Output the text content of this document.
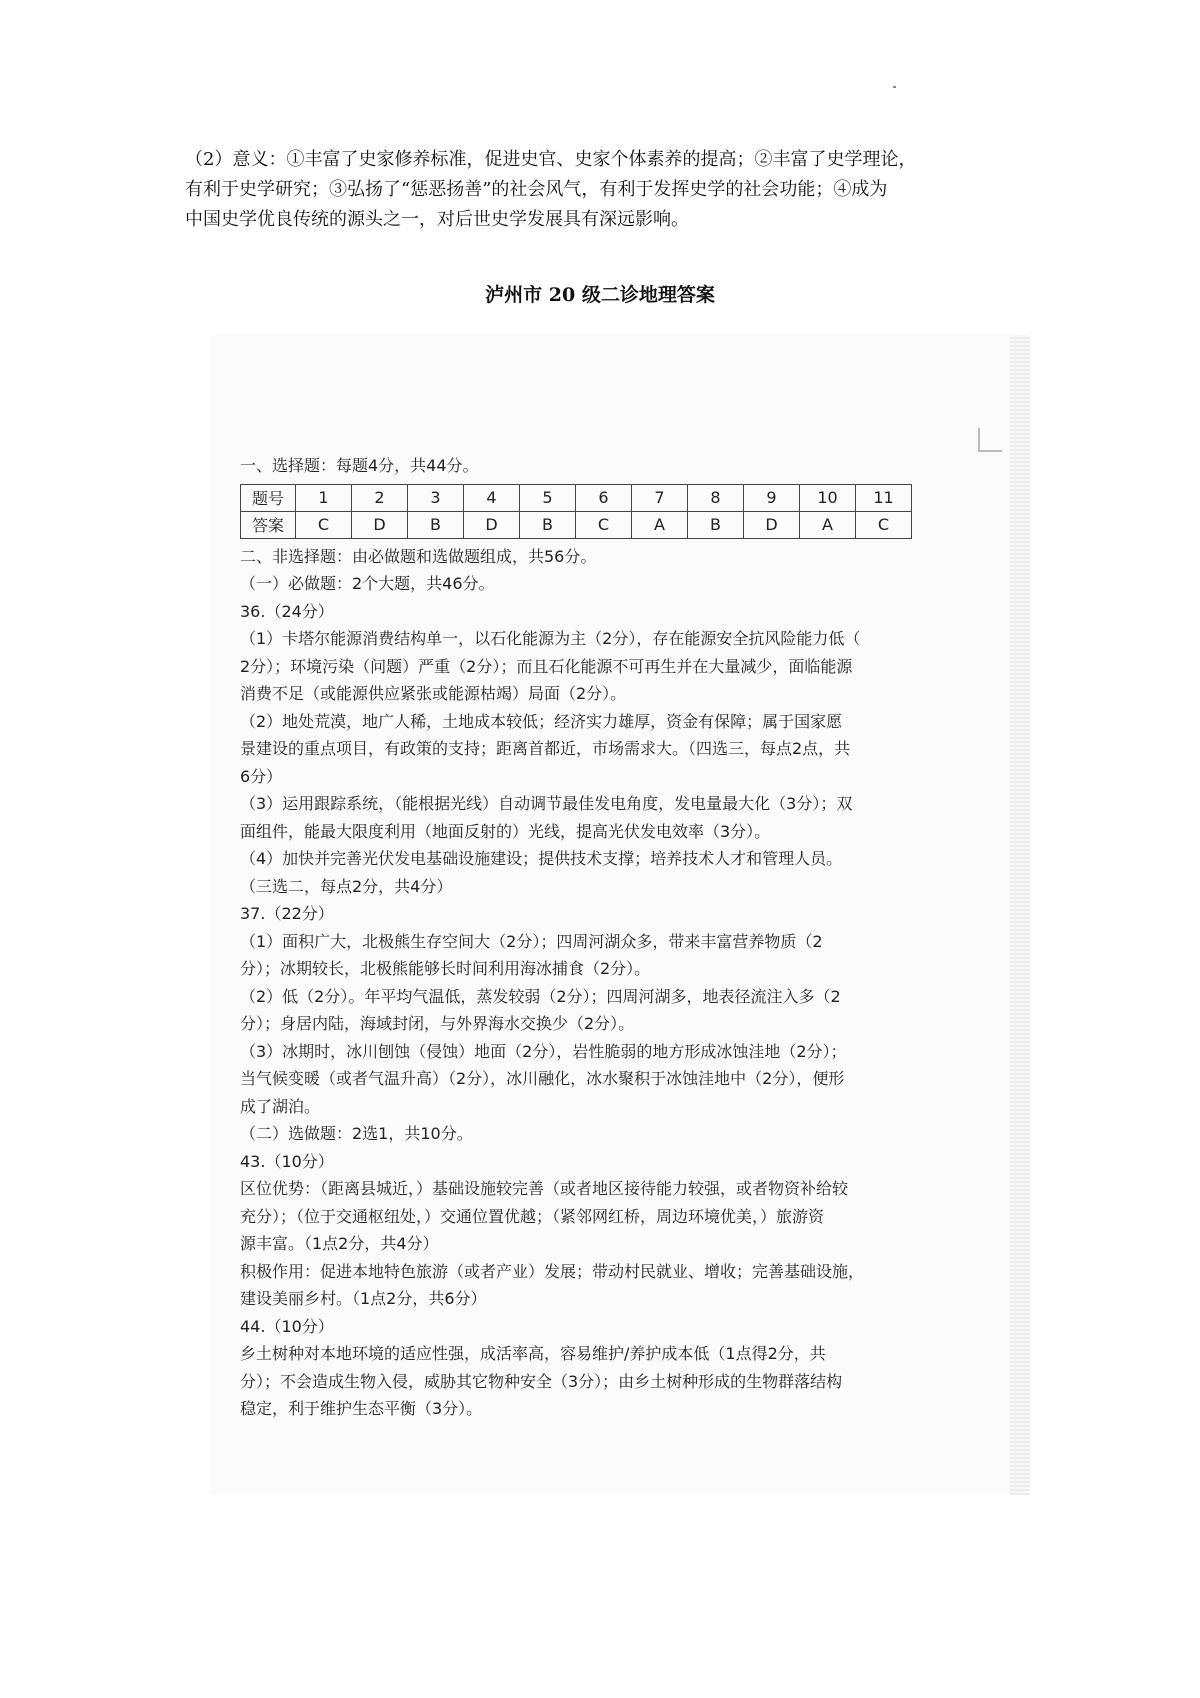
（2）意义：①丰富了史家修养标准，促进史官、史家个体素养的提高；②丰富了史学理论，

有利于史学研究；③弘扬了“惩恶扬善”的社会风气，有利于发挥史学的社会功能；④成为

中国史学优良传统的源头之一，对后世史学发展具有深远影响。

泸州市 20 级二诊地理答案
一、选择题：每题4分，共44分。
题号	1	2	3	4	5	6	7	8	9	10	11
答案	C	D	B	D	B	C	A	B	D	A	C
二、非选择题：由必做题和选做题组成，共56分。
（一）必做题：2个大题，共46分。
36.（24分）
（1）卡塔尔能源消费结构单一，以石化能源为主（2分），存在能源安全抗风险能力低（
2分）；环境污染（问题）严重（2分）；而且石化能源不可再生并在大量减少，面临能源
消费不足（或能源供应紧张或能源枯竭）局面（2分）。
（2）地处荒漠，地广人稀，土地成本较低；经济实力雄厚，资金有保障；属于国家愿
景建设的重点项目，有政策的支持；距离首都近，市场需求大。（四选三，每点2点，共
6分）
（3）运用跟踪系统，（能根据光线）自动调节最佳发电角度，发电量最大化（3分）；双
面组件，能最大限度利用（地面反射的）光线，提高光伏发电效率（3分）。
（4）加快并完善光伏发电基础设施建设；提供技术支撑；培养技术人才和管理人员。
（三选二，每点2分，共4分）
37.（22分）
（1）面积广大，北极熊生存空间大（2分）；四周河湖众多，带来丰富营养物质（2
分）；冰期较长，北极熊能够长时间利用海冰捕食（2分）。
（2）低（2分）。年平均气温低，蒸发较弱（2分）；四周河湖多，地表径流注入多（2
分）；身居内陆，海域封闭，与外界海水交换少（2分）。
（3）冰期时，冰川刨蚀（侵蚀）地面（2分），岩性脆弱的地方形成冰蚀洼地（2分）；
当气候变暖（或者气温升高）（2分），冰川融化，冰水聚积于冰蚀洼地中（2分），便形
成了湖泊。
（二）选做题：2选1，共10分。
43.（10分）
区位优势：（距离县城近，）基础设施较完善（或者地区接待能力较强，或者物资补给较
充分）；（位于交通枢纽处，）交通位置优越；（紧邻网红桥，周边环境优美，）旅游资
源丰富。（1点2分，共4分）
积极作用：促进本地特色旅游（或者产业）发展；带动村民就业、增收；完善基础设施，
建设美丽乡村。（1点2分，共6分）
44.（10分）
乡土树种对本地环境的适应性强，成活率高，容易维护/养护成本低（1点得2分，共
分）；不会造成生物入侵，威胁其它物种安全（3分）；由乡土树种形成的生物群落结构
稳定，利于维护生态平衡（3分）。
